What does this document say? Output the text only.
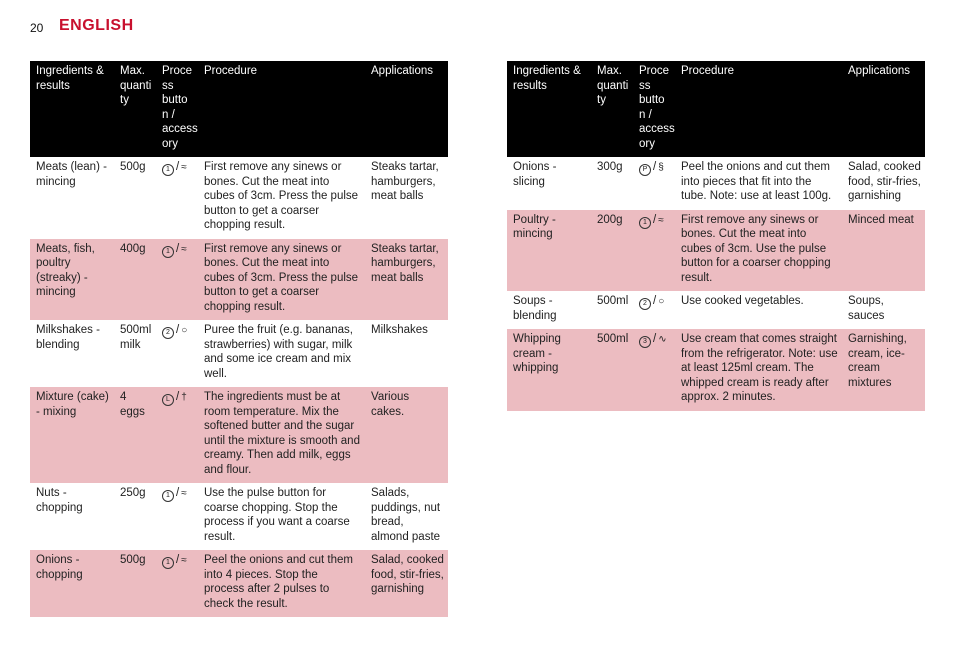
20 ENGLISH
Ingredients & results	Max. quanti ty	Proce ss butto n / access ory	Procedure	Applications
Meats (lean) - mincing	500g	1 / ≈	First remove any sinews or bones. Cut the meat into cubes of 3cm. Press the pulse button to get a coarser chopping result.	Steaks tartar, hamburgers, meat balls
Meats, fish, poultry (streaky) - mincing	400g	1 / ≈	First remove any sinews or bones. Cut the meat into cubes of 3cm. Press the pulse button to get a coarser chopping result.	Steaks tartar, hamburgers, meat balls
Milkshakes - blending	500ml milk	2 / ○	Puree the fruit (e.g. bananas, strawberries) with sugar, milk and some ice cream and mix well.	Milkshakes
Mixture (cake) - mixing	4 eggs	L / †	The ingredients must be at room temperature. Mix the softened butter and the sugar until the mixture is smooth and creamy. Then add milk, eggs and flour.	Various cakes.
Nuts - chopping	250g	1 / ≈	Use the pulse button for coarse chopping. Stop the process if you want a coarse result.	Salads, puddings, nut bread, almond paste
Onions - chopping	500g	1 / ≈	Peel the onions and cut them into 4 pieces. Stop the process after 2 pulses to check the result.	Salad, cooked food, stir-fries, garnishing
Ingredients & results	Max. quanti ty	Proce ss butto n / access ory	Procedure	Applications
Onions - slicing	300g	P / §	Peel the onions and cut them into pieces that fit into the tube. Note: use at least 100g.	Salad, cooked food, stir-fries, garnishing
Poultry - mincing	200g	1 / ≈	First remove any sinews or bones. Cut the meat into cubes of 3cm. Use the pulse button for a coarser chopping result.	Minced meat
Soups - blending	500ml	2 / ○	Use cooked vegetables.	Soups, sauces
Whipping cream - whipping	500ml	3 / ∿	Use cream that comes straight from the refrigerator. Note: use at least 125ml cream. The whipped cream is ready after approx. 2 minutes.	Garnishing, cream, ice-cream mixtures
